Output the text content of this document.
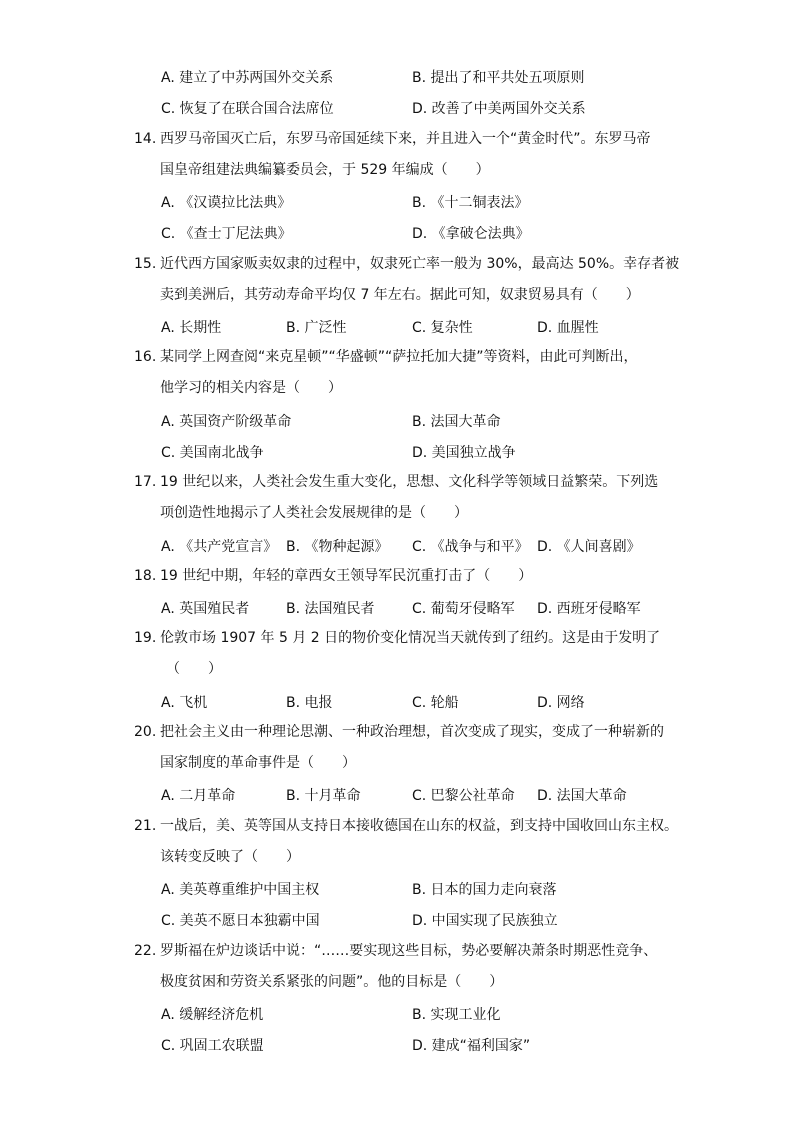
A. 建立了中苏两国外交关系	B. 提出了和平共处五项原则
C. 恢复了在联合国合法席位	D. 改善了中美两国外交关系
14. 西罗马帝国灭亡后，东罗马帝国延续下来，并且进入一个“黄金时代”。东罗马帝
国皇帝组建法典编纂委员会，于 529 年编成（　　）
A. 《汉谟拉比法典》	B. 《十二铜表法》
C. 《查士丁尼法典》	D. 《拿破仑法典》
15. 近代西方国家贩卖奴隶的过程中，奴隶死亡率一般为 30%，最高达 50%。幸存者被
卖到美洲后，其劳动寿命平均仅 7 年左右。据此可知，奴隶贸易具有（　　）
A. 长期性	B. 广泛性	C. 复杂性	D. 血腥性
16. 某同学上网查阅“来克星顿”“华盛顿”“萨拉托加大捷”等资料，由此可判断出，
他学习的相关内容是（　　）
A. 英国资产阶级革命	B. 法国大革命
C. 美国南北战争	D. 美国独立战争
17. 19 世纪以来，人类社会发生重大变化，思想、文化科学等领域日益繁荣。下列选
项创造性地揭示了人类社会发展规律的是（　　）
A. 《共产党宣言》 B. 《物种起源》 C. 《战争与和平》 D. 《人间喜剧》
18. 19 世纪中期，年轻的章西女王领导军民沉重打击了（　　）
A. 英国殖民者	B. 法国殖民者	C. 葡萄牙侵略军 D. 西班牙侵略军
19. 伦敦市场 1907 年 5 月 2 日的物价变化情况当天就传到了纽约。这是由于发明了
（　　）
A. 飞机	B. 电报	C. 轮船	D. 网络
20. 把社会主义由一种理论思潮、一种政治理想，首次变成了现实，变成了一种崭新的
国家制度的革命事件是（　　）
A. 二月革命	B. 十月革命	C. 巴黎公社革命 D. 法国大革命
21. 一战后，美、英等国从支持日本接收德国在山东的权益，到支持中国收回山东主权。
该转变反映了（　　）
A. 美英尊重维护中国主权	B. 日本的国力走向衰落
C. 美英不愿日本独霸中国	D. 中国实现了民族独立
22. 罗斯福在炉边谈话中说：“……要实现这些目标，势必要解决萧条时期恶性竞争、
极度贫困和劳资关系紧张的问题”。他的目标是（　　）
A. 缓解经济危机	B. 实现工业化
C. 巩固工农联盟	D. 建成“福利国家”
